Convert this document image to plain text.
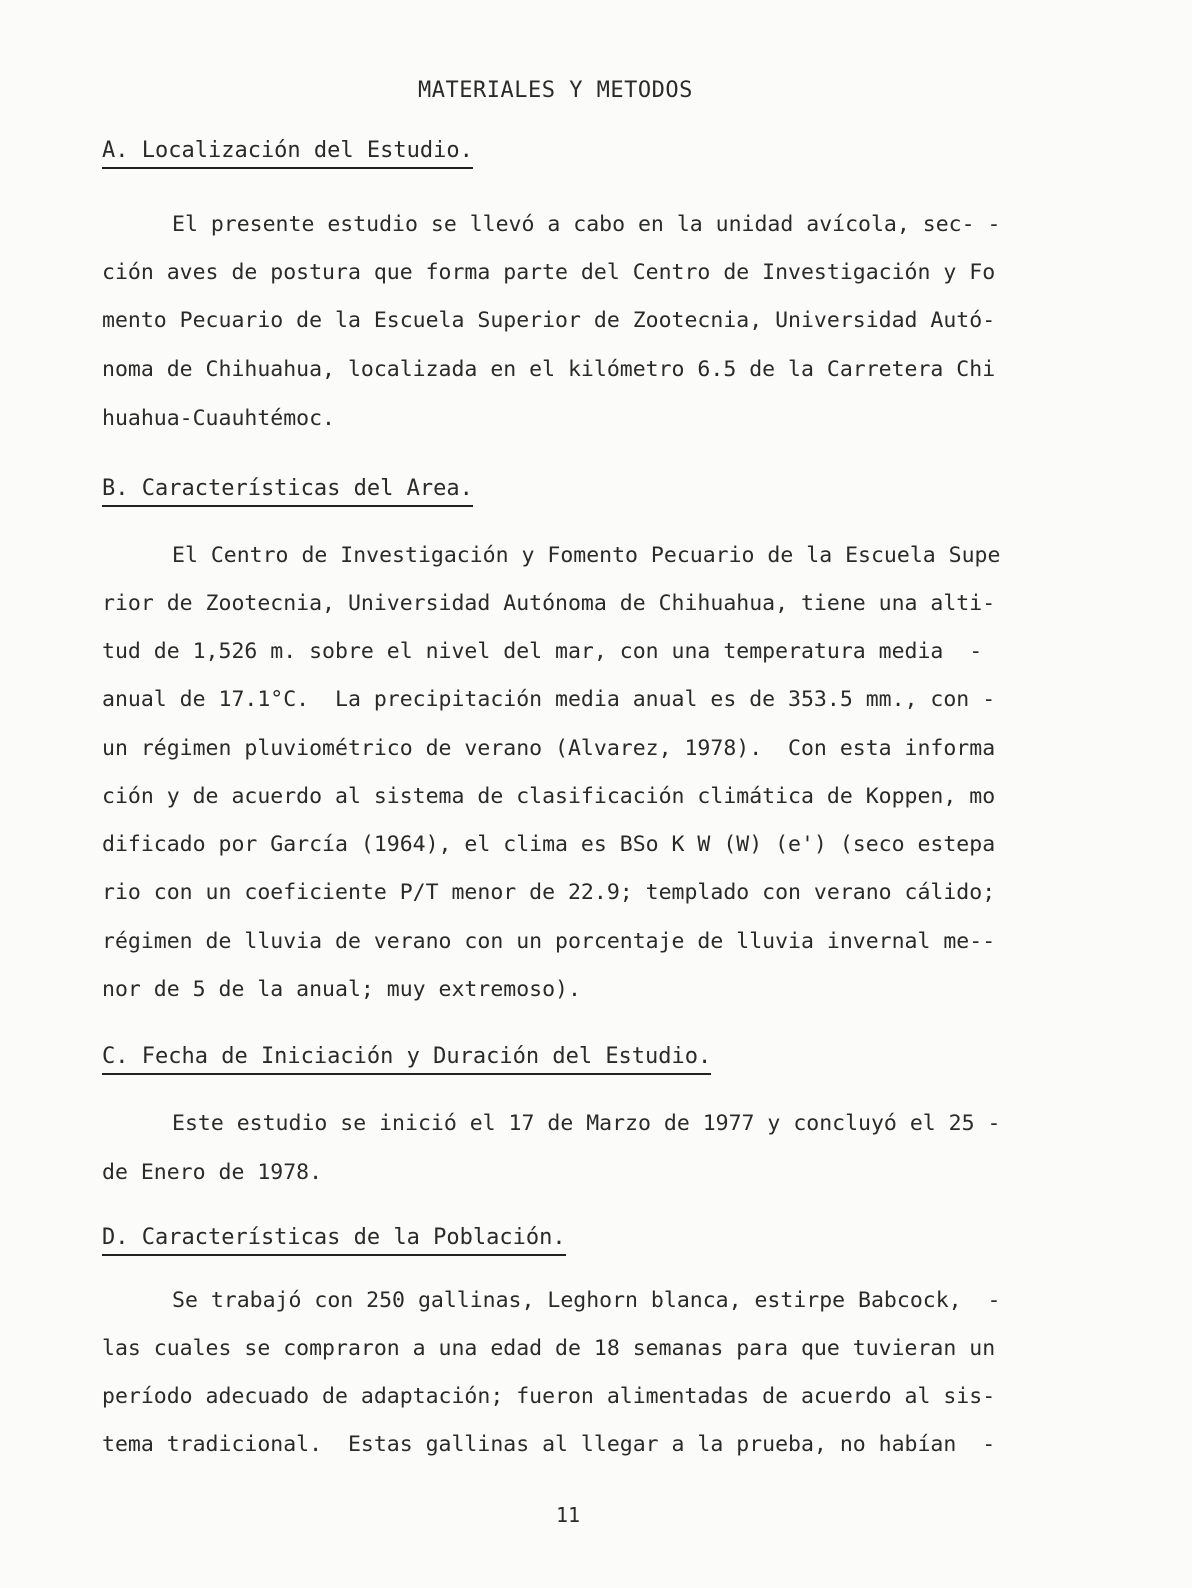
MATERIALES Y METODOS
A. Localización del Estudio.
El presente estudio se llevó a cabo en la unidad avícola, sec- -
ción aves de postura que forma parte del Centro de Investigación y Fo
mento Pecuario de la Escuela Superior de Zootecnia, Universidad Autó-
noma de Chihuahua, localizada en el kilómetro 6.5 de la Carretera Chi
huahua-Cuauhtémoc.
B. Características del Area.
El Centro de Investigación y Fomento Pecuario de la Escuela Supe
rior de Zootecnia, Universidad Autónoma de Chihuahua, tiene una alti-
tud de 1,526 m. sobre el nivel del mar, con una temperatura media  -
anual de 17.1°C.  La precipitación media anual es de 353.5 mm., con -
un régimen pluviométrico de verano (Alvarez, 1978).  Con esta informa
ción y de acuerdo al sistema de clasificación climática de Koppen, mo
dificado por García (1964), el clima es BSo K W (W) (e') (seco estepa
rio con un coeficiente P/T menor de 22.9; templado con verano cálido;
régimen de lluvia de verano con un porcentaje de lluvia invernal me--
nor de 5 de la anual; muy extremoso).
C. Fecha de Iniciación y Duración del Estudio.
Este estudio se inició el 17 de Marzo de 1977 y concluyó el 25 -
de Enero de 1978.
D. Características de la Población.
Se trabajó con 250 gallinas, Leghorn blanca, estirpe Babcock,  -
las cuales se compraron a una edad de 18 semanas para que tuvieran un
período adecuado de adaptación; fueron alimentadas de acuerdo al sis-
tema tradicional.  Estas gallinas al llegar a la prueba, no habían  -
11
